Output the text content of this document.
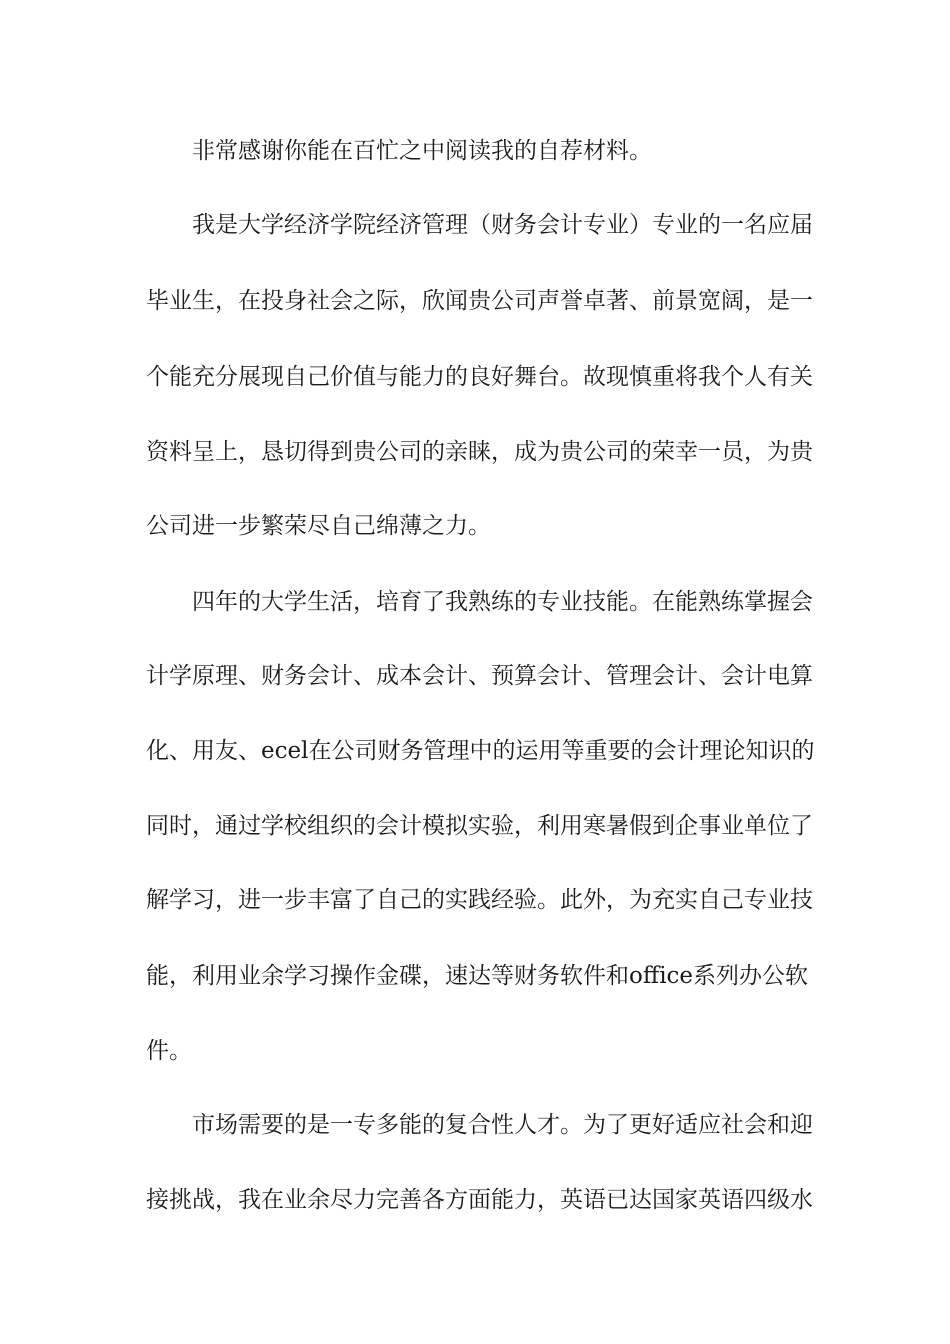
非常感谢你能在百忙之中阅读我的自荐材料。

我是大学经济学院经济管理（财务会计专业）专业的一名应届

毕业生，在投身社会之际，欣闻贵公司声誉卓著、前景宽阔，是一

个能充分展现自己价值与能力的良好舞台。故现慎重将我个人有关

资料呈上，恳切得到贵公司的亲睐，成为贵公司的荣幸一员，为贵

公司进一步繁荣尽自己绵薄之力。

四年的大学生活，培育了我熟练的专业技能。在能熟练掌握会

计学原理、财务会计、成本会计、预算会计、管理会计、会计电算

化、用友、ecel在公司财务管理中的运用等重要的会计理论知识的

同时，通过学校组织的会计模拟实验，利用寒暑假到企事业单位了

解学习，进一步丰富了自己的实践经验。此外，为充实自己专业技

能，利用业余学习操作金碟，速达等财务软件和office系列办公软

件。

市场需要的是一专多能的复合性人才。为了更好适应社会和迎

接挑战，我在业余尽力完善各方面能力，英语已达国家英语四级水
